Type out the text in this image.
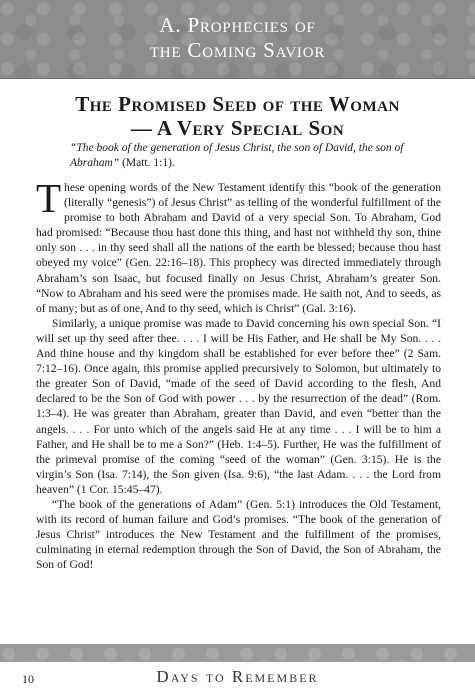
A. Prophecies of
the Coming Savior
The Promised Seed of the Woman
— A Very Special Son
“The book of the generation of Jesus Christ, the son of David, the son of Abraham” (Matt. 1:1).

These opening words of the New Testament identify this “book of the generation (literally “genesis”) of Jesus Christ” as telling of the wonderful fulfillment of the promise to both Abraham and David of a very special Son. To Abraham, God had promised: “Because thou hast done this thing, and hast not withheld thy son, thine only son . . . in thy seed shall all the nations of the earth be blessed; because thou hast obeyed my voice” (Gen. 22:16–18). This prophecy was directed immediately through Abraham’s son Isaac, but focused finally on Jesus Christ, Abraham’s greater Son. “Now to Abraham and his seed were the promises made. He saith not, And to seeds, as of many; but as of one, And to thy seed, which is Christ” (Gal. 3:16).

Similarly, a unique promise was made to David concerning his own special Son. “I will set up thy seed after thee. . . . I will be His Father, and He shall be My Son. . . . And thine house and thy kingdom shall be established for ever before thee” (2 Sam. 7:12–16). Once again, this promise applied precursively to Solomon, but ultimately to the greater Son of David, “made of the seed of David according to the flesh, And declared to be the Son of God with power . . . by the resurrection of the dead” (Rom. 1:3–4). He was greater than Abraham, greater than David, and even “better than the angels. . . . For unto which of the angels said He at any time . . . I will be to him a Father, and He shall be to me a Son?” (Heb. 1:4–5). Further, He was the fulfillment of the primeval promise of the coming “seed of the woman” (Gen. 3:15). He is the virgin’s Son (Isa. 7:14), the Son given (Isa. 9:6), “the last Adam. . . . the Lord from heaven” (1 Cor. 15:45–47).

“The book of the generations of Adam” (Gen. 5:1) introduces the Old Testament, with its record of human failure and God’s promises. “The book of the generation of Jesus Christ” introduces the New Testament and the fulfillment of the promises, culminating in eternal redemption through the Son of David, the Son of Abraham, the Son of God!

10	Days to Remember
